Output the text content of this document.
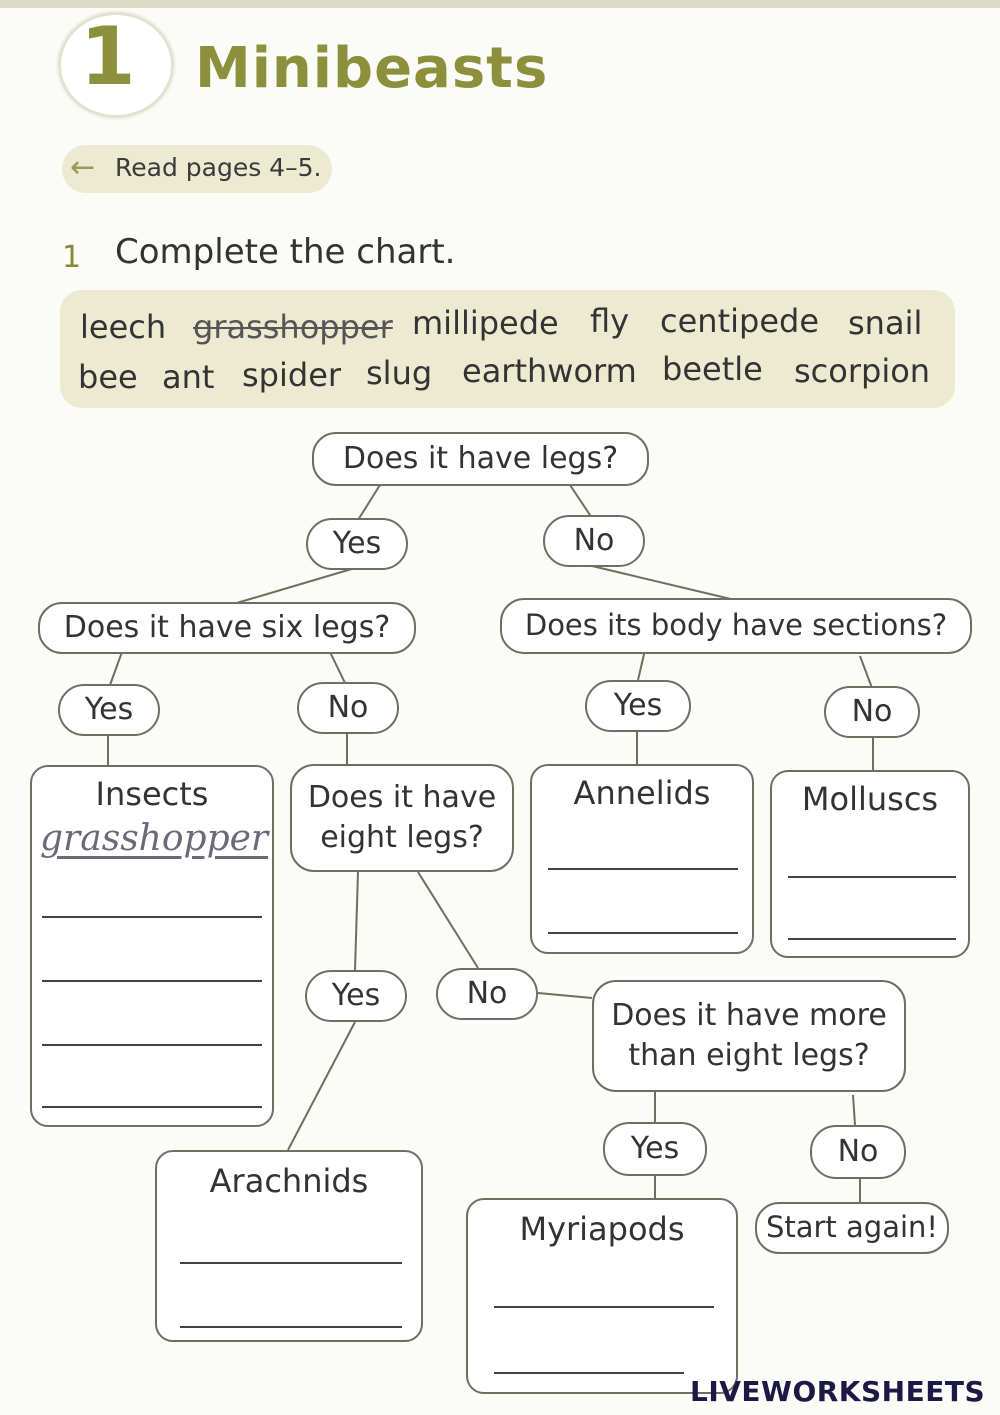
1 Minibeasts
← Read pages 4–5.
1 Complete the chart.
leech grasshopper millipede fly centipede snail
bee ant spider slug earthworm beetle scorpion
Does it have legs?
Yes	No
Does it have six legs?	Does its body have sections?
Yes	No	Yes	No
Insects
grasshopper
Does it have eight legs?
Annelids	Molluscs
Yes	No
Does it have more than eight legs?
Arachnids
Yes	No
Myriapods	Start again!
LIVEWORKSHEETS
